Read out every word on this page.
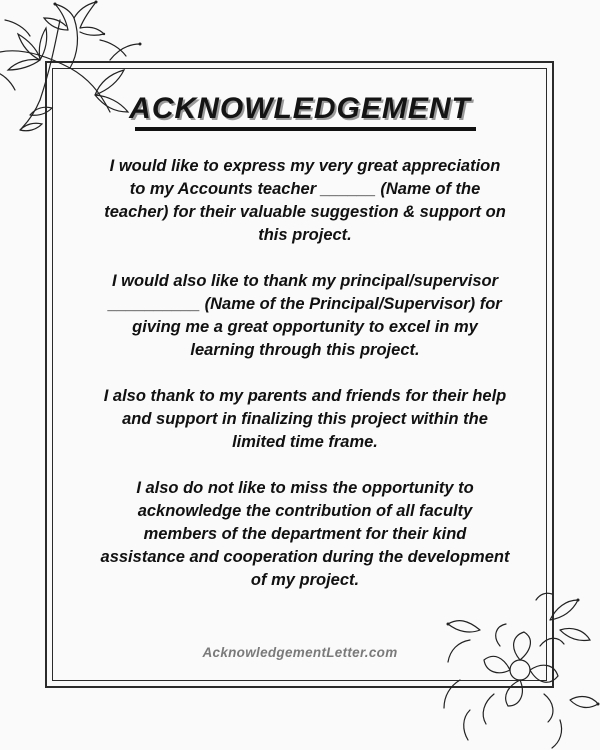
ACKNOWLEDGEMENT

I would like to express my very great appreciation
to my Accounts teacher ______ (Name of the
teacher) for their valuable suggestion & support on
this project.

I would also like to thank my principal/supervisor
__________ (Name of the Principal/Supervisor) for
giving me a great opportunity to excel in my
learning through this project.

I also thank to my parents and friends for their help
and support in finalizing this project within the
limited time frame.

I also do not like to miss the opportunity to
acknowledge the contribution of all faculty
members of the department for their kind
assistance and cooperation during the development
of my project.

AcknowledgementLetter.com
